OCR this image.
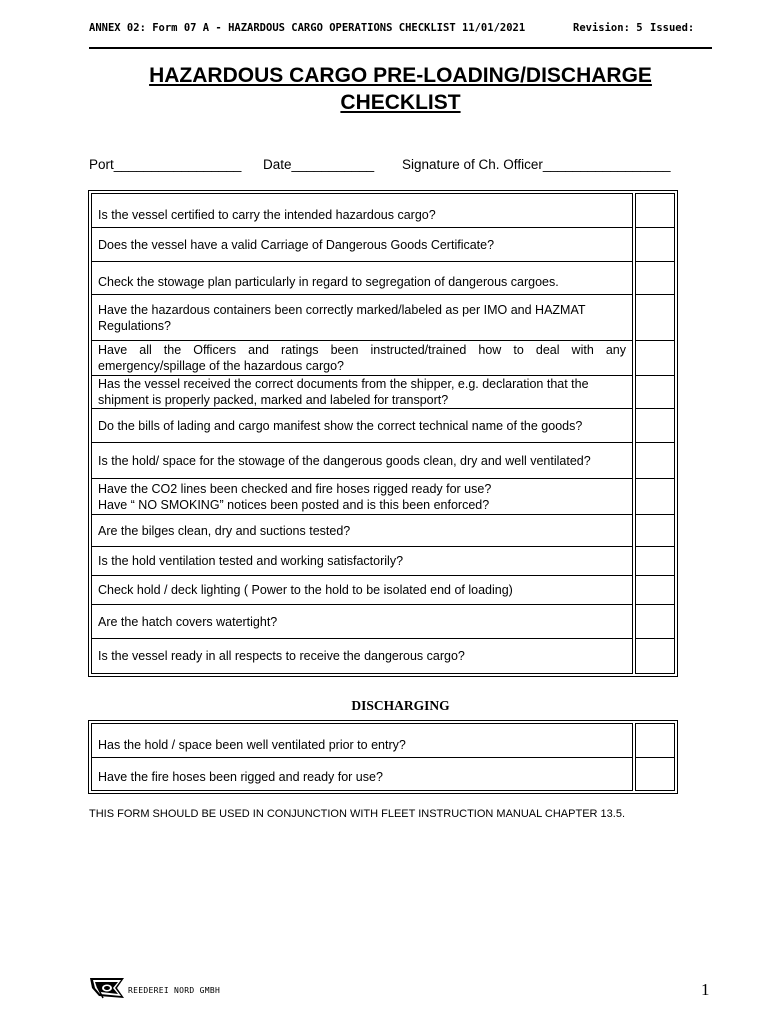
ANNEX 02: Form 07 A - HAZARDOUS CARGO OPERATIONS CHECKLIST 11/01/2021	Revision: 5 Issued:
HAZARDOUS CARGO PRE-LOADING/DISCHARGE CHECKLIST
Port_________________ Date___________ Signature of Ch. Officer_________________
Is the vessel certified to carry the intended hazardous cargo?		
Does the vessel have a valid Carriage of Dangerous Goods Certificate?		
Check the stowage plan particularly in regard to segregation of dangerous cargoes.		
Have the hazardous containers been correctly marked/labeled as per IMO and HAZMAT Regulations?		
Have all the Officers and ratings been instructed/trained how to deal with any emergency/spillage of the hazardous cargo?		
Has the vessel received the correct documents from the shipper, e.g. declaration that the shipment is properly packed, marked and labeled for transport?		
Do the bills of lading and cargo manifest show the correct technical name of the goods?		
Is the hold/ space for the stowage of the dangerous goods clean, dry and well ventilated?		

Have the CO2 lines been checked and fire hoses rigged ready for use?
Have “ NO SMOKING” notices been posted and is this been enforced?		

Are the bilges clean, dry and suctions tested?		
Is the hold ventilation tested and working satisfactorily?		
Check hold / deck lighting ( Power to the hold to be isolated end of loading)		
Are the hatch covers watertight?		
Is the vessel ready in all respects to receive the dangerous cargo?		
DISCHARGING
Has the hold / space been well ventilated prior to entry?		
Have the fire hoses been rigged and ready for use?		
THIS FORM SHOULD BE USED IN CONJUNCTION WITH FLEET INSTRUCTION MANUAL CHAPTER 13.5.
REEDEREI NORD GMBH	1
